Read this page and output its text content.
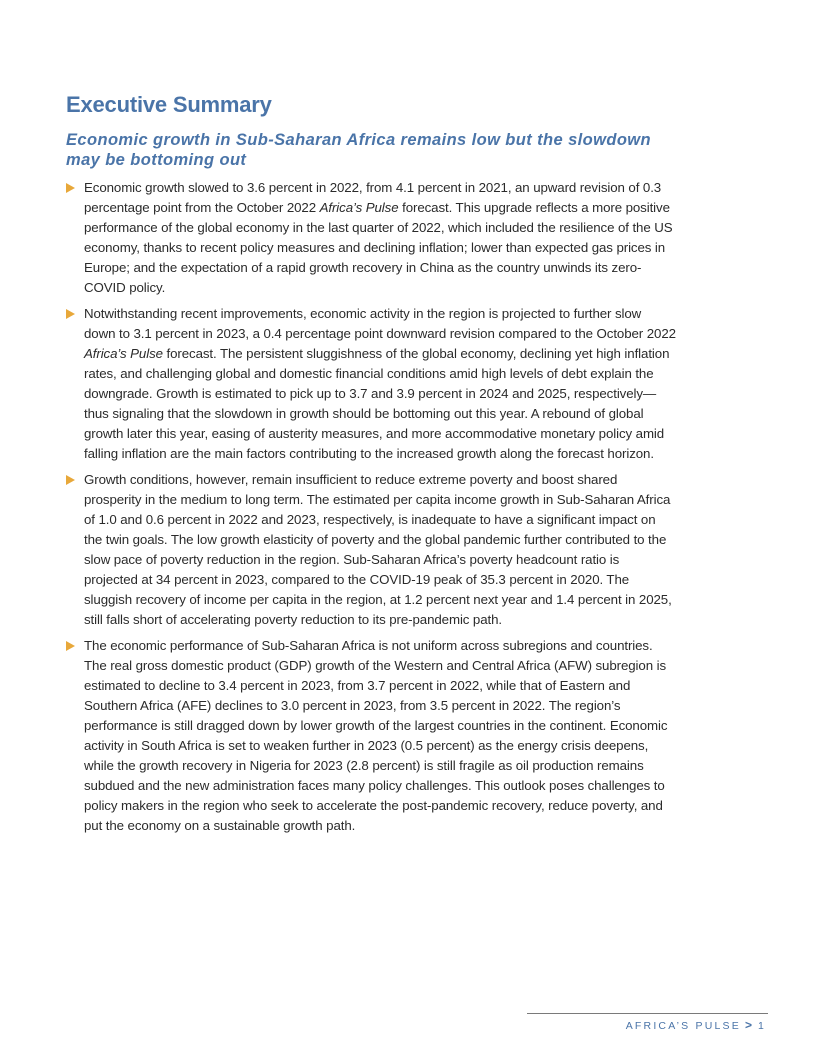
Executive Summary
Economic growth in Sub-Saharan Africa remains low but the slowdown may be bottoming out
Economic growth slowed to 3.6 percent in 2022, from 4.1 percent in 2021, an upward revision of 0.3 percentage point from the October 2022 Africa’s Pulse forecast. This upgrade reflects a more positive performance of the global economy in the last quarter of 2022, which included the resilience of the US economy, thanks to recent policy measures and declining inflation; lower than expected gas prices in Europe; and the expectation of a rapid growth recovery in China as the country unwinds its zero-COVID policy.
Notwithstanding recent improvements, economic activity in the region is projected to further slow down to 3.1 percent in 2023, a 0.4 percentage point downward revision compared to the October 2022 Africa’s Pulse forecast. The persistent sluggishness of the global economy, declining yet high inflation rates, and challenging global and domestic financial conditions amid high levels of debt explain the downgrade. Growth is estimated to pick up to 3.7 and 3.9 percent in 2024 and 2025, respectively—thus signaling that the slowdown in growth should be bottoming out this year. A rebound of global growth later this year, easing of austerity measures, and more accommodative monetary policy amid falling inflation are the main factors contributing to the increased growth along the forecast horizon.
Growth conditions, however, remain insufficient to reduce extreme poverty and boost shared prosperity in the medium to long term. The estimated per capita income growth in Sub-Saharan Africa of 1.0 and 0.6 percent in 2022 and 2023, respectively, is inadequate to have a significant impact on the twin goals. The low growth elasticity of poverty and the global pandemic further contributed to the slow pace of poverty reduction in the region. Sub-Saharan Africa’s poverty headcount ratio is projected at 34 percent in 2023, compared to the COVID-19 peak of 35.3 percent in 2020. The sluggish recovery of income per capita in the region, at 1.2 percent next year and 1.4 percent in 2025, still falls short of accelerating poverty reduction to its pre-pandemic path.
The economic performance of Sub-Saharan Africa is not uniform across subregions and countries. The real gross domestic product (GDP) growth of the Western and Central Africa (AFW) subregion is estimated to decline to 3.4 percent in 2023, from 3.7 percent in 2022, while that of Eastern and Southern Africa (AFE) declines to 3.0 percent in 2023, from 3.5 percent in 2022. The region’s performance is still dragged down by lower growth of the largest countries in the continent. Economic activity in South Africa is set to weaken further in 2023 (0.5 percent) as the energy crisis deepens, while the growth recovery in Nigeria for 2023 (2.8 percent) is still fragile as oil production remains subdued and the new administration faces many policy challenges. This outlook poses challenges to policy makers in the region who seek to accelerate the post-pandemic recovery, reduce poverty, and put the economy on a sustainable growth path.
AFRICA’S PULSE > 1
